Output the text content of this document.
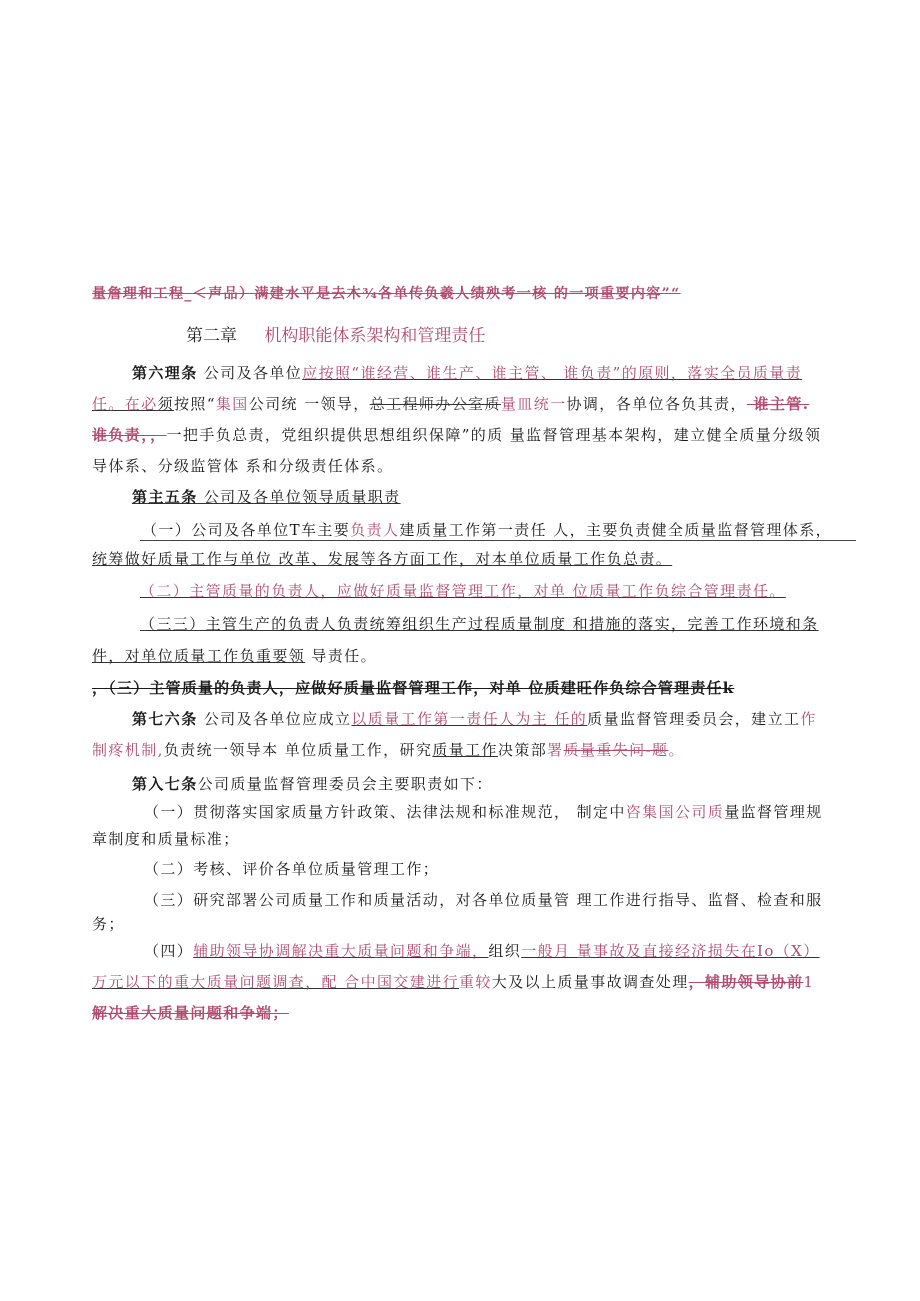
量詹理和工程_＜声品）满建水平是去木¾各单传负羲人绩殃考一核 的一项重要内容”“
第二章 机构职能体系架构和管理责任
第六理条 公司及各单位应按照“谁经营、谁生产、谁主管、 谁负责”的原则，落实全员质量责
任。在必须按照“集国公司统 一领导，总工程师办公室质量皿统一协调，各单位各负其责， 谁主管.
谁负责，，一把手负总责，党组织提供思想组织保障”的质 量监督管理基本架构，建立健全质量分级领
导体系、分级监管体 系和分级责任体系。
第主五条 公司及各单位领导质量职责
（一）公司及各单位T车主要负责人建质量工作第一责任 人，主要负责健全质量监督管理体系，
统筹做好质量工作与单位 改革、发展等各方面工作，对本单位质量工作负总责。
（二）主管质量的负责人，应做好质量监督管理工作，对单 位质量工作负综合管理责任。
（三三）主管生产的负责人负责统筹组织生产过程质量制度 和措施的落实，完善工作环境和条
件，对单位质量工作负重要领 导责任。
，（三）主管质量的负责人，应做好质量监督管理工作，对单 位质建旺作负综合管理责任k
第七六条 公司及各单位应成立以质量工作第一责任人为主 任的质量监督管理委员会，建立工作
制疼机制,负责统一领导本 单位质量工作，研究质量工作决策部署质量重失问-题。
第入七条公司质量监督管理委员会主要职责如下：
（一）贯彻落实国家质量方针政策、法律法规和标准规范， 制定中咨集国公司质量监督管理规
章制度和质量标准；
（二）考核、评价各单位质量管理工作；
（三）研究部署公司质量工作和质量活动，对各单位质量管 理工作进行指导、监督、检查和服
务；
（四）辅助领导协调解决重大质量问题和争端，组织一般月 量事故及直接经济损失在Io（X）
万元以下的重大质量问题调查，配 合中国交建进行重较大及以上质量事故调查处理，辅助领导协前1
解决重大质量问题和争端；
